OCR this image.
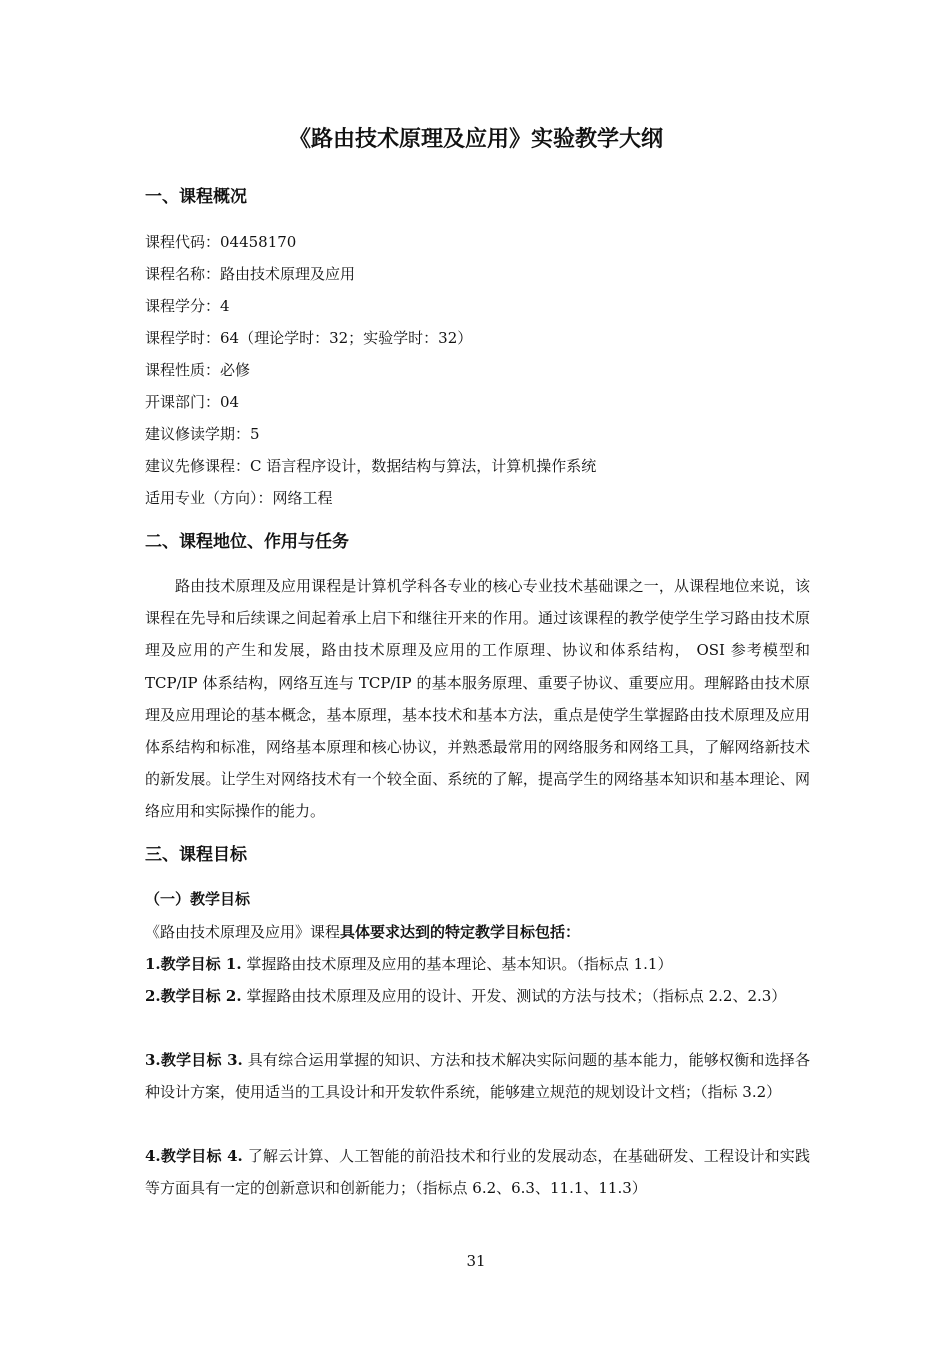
《路由技术原理及应用》实验教学大纲
一、课程概况

课程代码：04458170

课程名称：路由技术原理及应用

课程学分：4

课程学时：64（理论学时：32；实验学时：32）

课程性质：必修

开课部门：04

建议修读学期：5

建议先修课程：C 语言程序设计，数据结构与算法，计算机操作系统

适用专业（方向）：网络工程

二、课程地位、作用与任务

路由技术原理及应用课程是计算机学科各专业的核心专业技术基础课之一，从课程地位来说，该课程在先导和后续课之间起着承上启下和继往开来的作用。通过该课程的教学使学生学习路由技术原理及应用的产生和发展，路由技术原理及应用的工作原理、协议和体系结构， OSI 参考模型和 TCP/IP 体系结构，网络互连与 TCP/IP 的基本服务原理、重要子协议、重要应用。理解路由技术原理及应用理论的基本概念，基本原理，基本技术和基本方法，重点是使学生掌握路由技术原理及应用体系结构和标准，网络基本原理和核心协议，并熟悉最常用的网络服务和网络工具，了解网络新技术的新发展。让学生对网络技术有一个较全面、系统的了解，提高学生的网络基本知识和基本理论、网络应用和实际操作的能力。

三、课程目标

（一）教学目标

《路由技术原理及应用》课程具体要求达到的特定教学目标包括：

1.教学目标 1. 掌握路由技术原理及应用的基本理论、基本知识。（指标点 1.1）

2.教学目标 2. 掌握路由技术原理及应用的设计、开发、测试的方法与技术；（指标点 2.2、2.3）

3.教学目标 3. 具有综合运用掌握的知识、方法和技术解决实际问题的基本能力，能够权衡和选择各种设计方案，使用适当的工具设计和开发软件系统，能够建立规范的规划设计文档；（指标 3.2）

4.教学目标 4. 了解云计算、人工智能的前沿技术和行业的发展动态，在基础研发、工程设计和实践等方面具有一定的创新意识和创新能力；（指标点 6.2、6.3、11.1、11.3）

31
